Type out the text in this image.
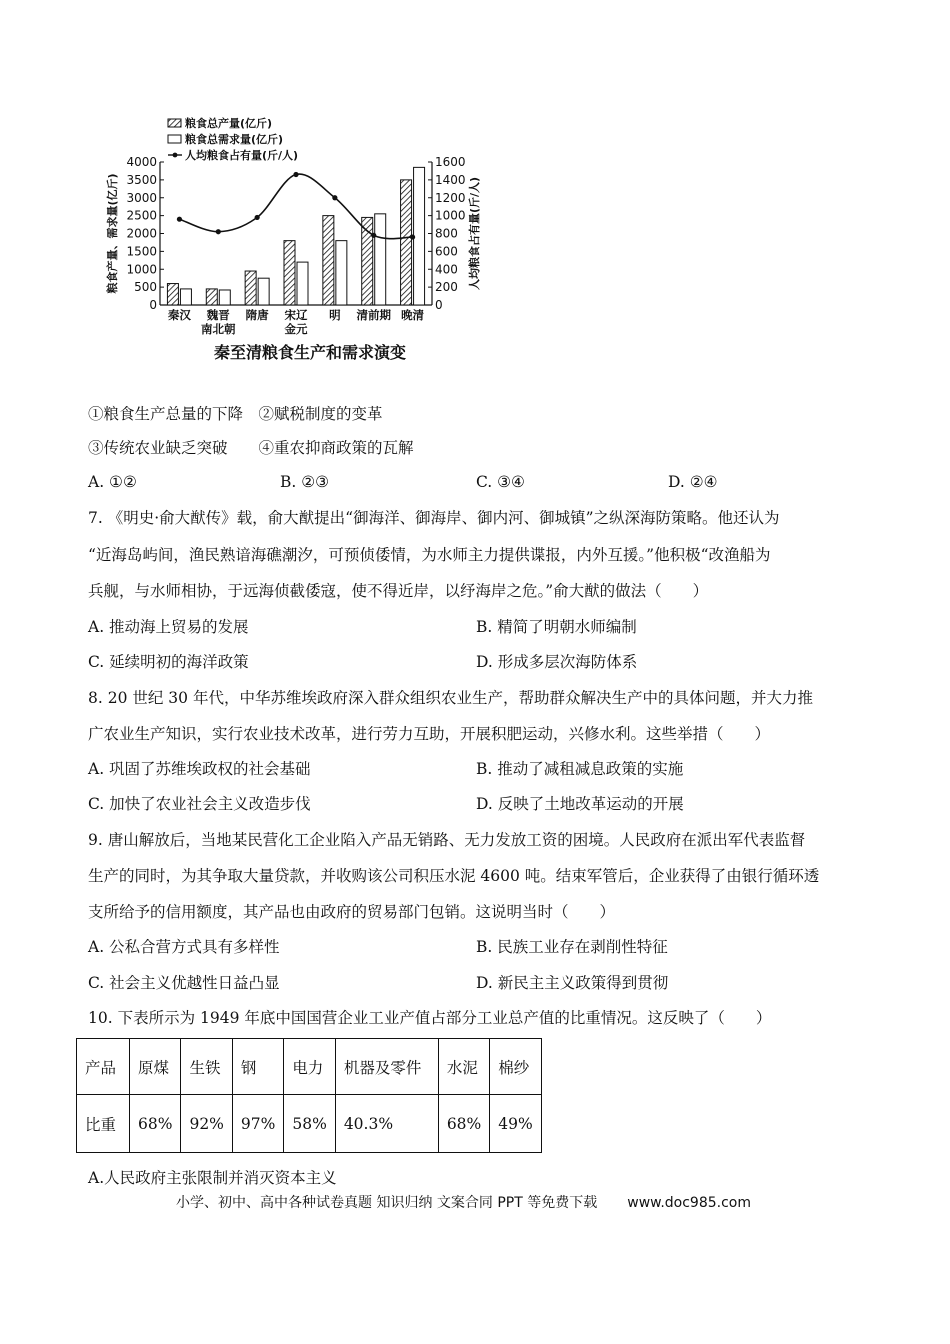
粮食总产量(亿斤)
粮食总需求量(亿斤)
人均粮食占有量(斤/人)
0
500
1000
1500
2000
2500
3000
3500
4000
0
200
400
600
800
1000
1200
1400
1600
粮食产量、需求量(亿斤)	人均粮食占有量(斤/人)
秦汉	魏晋南北朝
隋唐 宋辽金元
明 清前期 晚清
秦至清粮食生产和需求演变
①粮食生产总量的下降　②赋税制度的变革
③传统农业缺乏突破　　④重农抑商政策的瓦解
A. ①②	B. ②③	C. ③④	D. ②④
7. 《明史·俞大猷传》载，俞大猷提出“御海洋、御海岸、御内河、御城镇”之纵深海防策略。他还认为
“近海岛屿间，渔民熟谙海礁潮汐，可预侦倭情，为水师主力提供谍报，内外互援。”他积极“改渔船为
兵舰，与水师相协，于远海侦截倭寇，使不得近岸，以纾海岸之危。”俞大猷的做法（　　）
A. 推动海上贸易的发展	B. 精简了明朝水师编制
C. 延续明初的海洋政策	D. 形成多层次海防体系
8. 20 世纪 30 年代，中华苏维埃政府深入群众组织农业生产，帮助群众解决生产中的具体问题，并大力推
广农业生产知识，实行农业技术改革，进行劳力互助，开展积肥运动，兴修水利。这些举措（　　）
A. 巩固了苏维埃政权的社会基础	B. 推动了减租减息政策的实施
C. 加快了农业社会主义改造步伐	D. 反映了土地改革运动的开展
9. 唐山解放后，当地某民营化工企业陷入产品无销路、无力发放工资的困境。人民政府在派出军代表监督
生产的同时，为其争取大量贷款，并收购该公司积压水泥 4600 吨。结束军管后，企业获得了由银行循环透
支所给予的信用额度，其产品也由政府的贸易部门包销。这说明当时（　　）
A. 公私合营方式具有多样性	B. 民族工业存在剥削性特征
C. 社会主义优越性日益凸显	D. 新民主主义政策得到贯彻
10. 下表所示为 1949 年底中国国营企业工业产值占部分工业总产值的比重情况。这反映了（　　）
产品	原煤	生铁	钢	电力	机器及零件	水泥	棉纱
比重	68%	92%	97%	58%	40.3%	68%	49%
A.人民政府主张限制并消灭资本主义
小学、初中、高中各种试卷真题 知识归纳 文案合同 PPT 等免费下载 www.doc985.com
